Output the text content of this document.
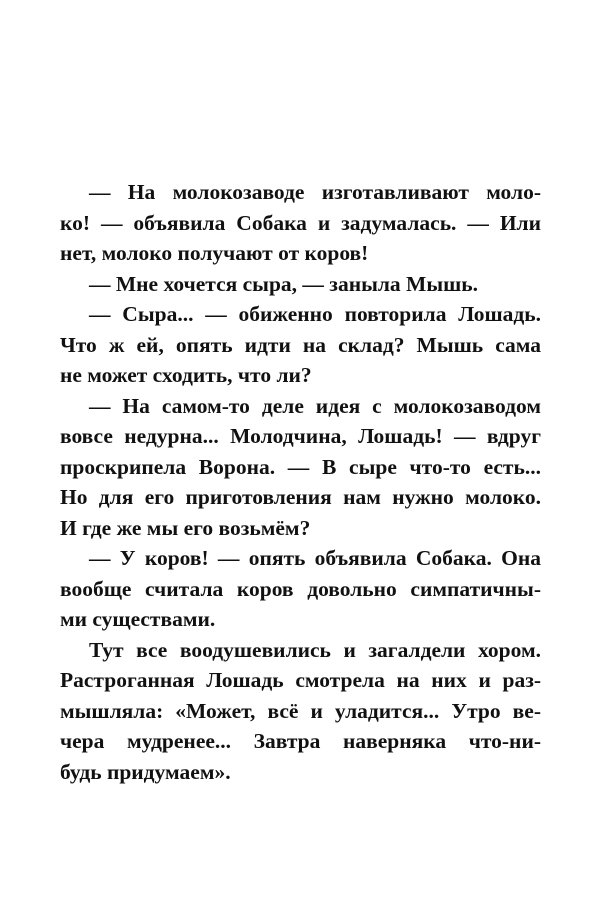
— На молокозаводе изготавливают моло-
ко! — объявила Собака и задумалась. — Или
нет, молоко получают от коров!
— Мне хочется сыра, — заныла Мышь.
— Сыра... — обиженно повторила Лошадь.
Что ж ей, опять идти на склад? Мышь сама
не может сходить, что ли?
— На самом-то деле идея с молокозаводом
вовсе недурна... Молодчина, Лошадь! — вдруг
проскрипела Ворона. — В сыре что-то есть...
Но для его приготовления нам нужно молоко.
И где же мы его возьмём?
— У коров! — опять объявила Собака. Она
вообще считала коров довольно симпатичны-
ми существами.
Тут все воодушевились и загалдели хором.
Растроганная Лошадь смотрела на них и раз-
мышляла: «Может, всё и уладится... Утро ве-
чера мудренее... Завтра наверняка что-ни-
будь придумаем».
